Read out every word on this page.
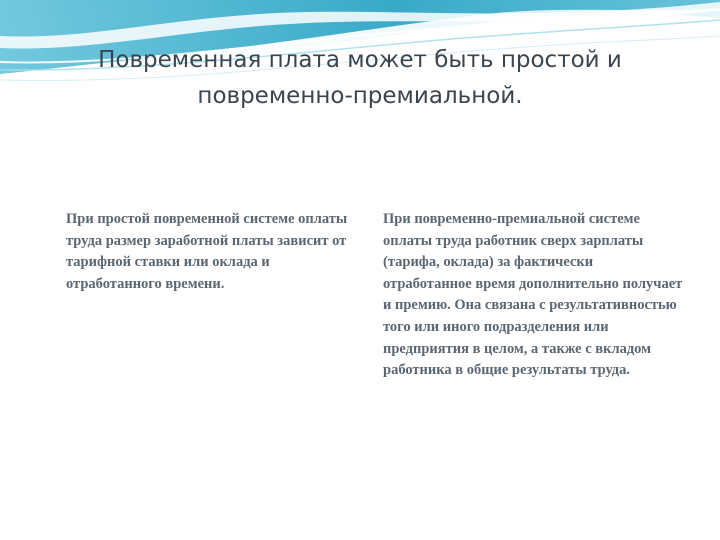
Повременная плата может быть простой и повременно-премиальной.
При простой повременной системе оплаты труда размер заработной платы зависит от тарифной ставки или оклада и отработанного времени.
При повременно-премиальной системе оплаты труда работник сверх зарплаты (тарифа, оклада) за фактически отработанное время дополнительно получает и премию. Она связана с результативностью того или иного подразделения или предприятия в целом, а также с вкладом работника в общие результаты труда.
